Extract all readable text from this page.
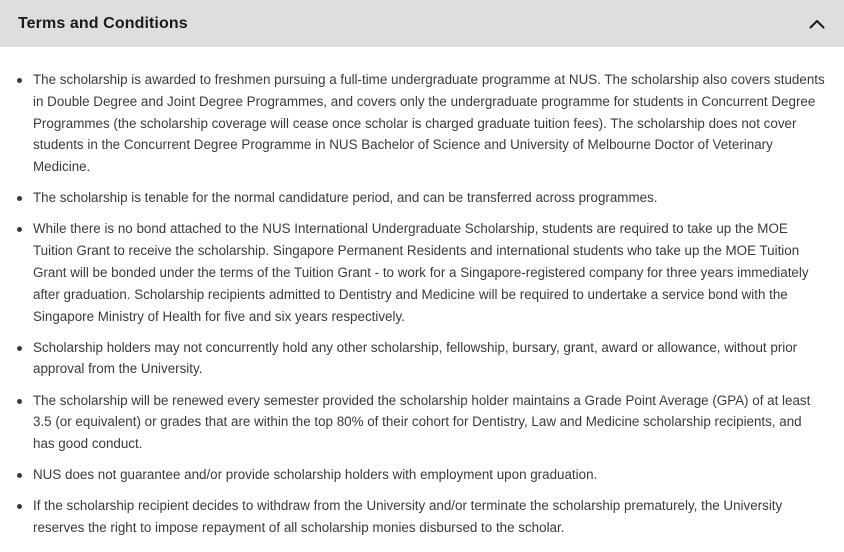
Terms and Conditions
The scholarship is awarded to freshmen pursuing a full-time undergraduate programme at NUS. The scholarship also covers students in Double Degree and Joint Degree Programmes, and covers only the undergraduate programme for students in Concurrent Degree Programmes (the scholarship coverage will cease once scholar is charged graduate tuition fees). The scholarship does not cover students in the Concurrent Degree Programme in NUS Bachelor of Science and University of Melbourne Doctor of Veterinary Medicine.
The scholarship is tenable for the normal candidature period, and can be transferred across programmes.
While there is no bond attached to the NUS International Undergraduate Scholarship, students are required to take up the MOE Tuition Grant to receive the scholarship. Singapore Permanent Residents and international students who take up the MOE Tuition Grant will be bonded under the terms of the Tuition Grant - to work for a Singapore-registered company for three years immediately after graduation. Scholarship recipients admitted to Dentistry and Medicine will be required to undertake a service bond with the Singapore Ministry of Health for five and six years respectively.
Scholarship holders may not concurrently hold any other scholarship, fellowship, bursary, grant, award or allowance, without prior approval from the University.
The scholarship will be renewed every semester provided the scholarship holder maintains a Grade Point Average (GPA) of at least 3.5 (or equivalent) or grades that are within the top 80% of their cohort for Dentistry, Law and Medicine scholarship recipients, and has good conduct.
NUS does not guarantee and/or provide scholarship holders with employment upon graduation.
If the scholarship recipient decides to withdraw from the University and/or terminate the scholarship prematurely, the University reserves the right to impose repayment of all scholarship monies disbursed to the scholar.
